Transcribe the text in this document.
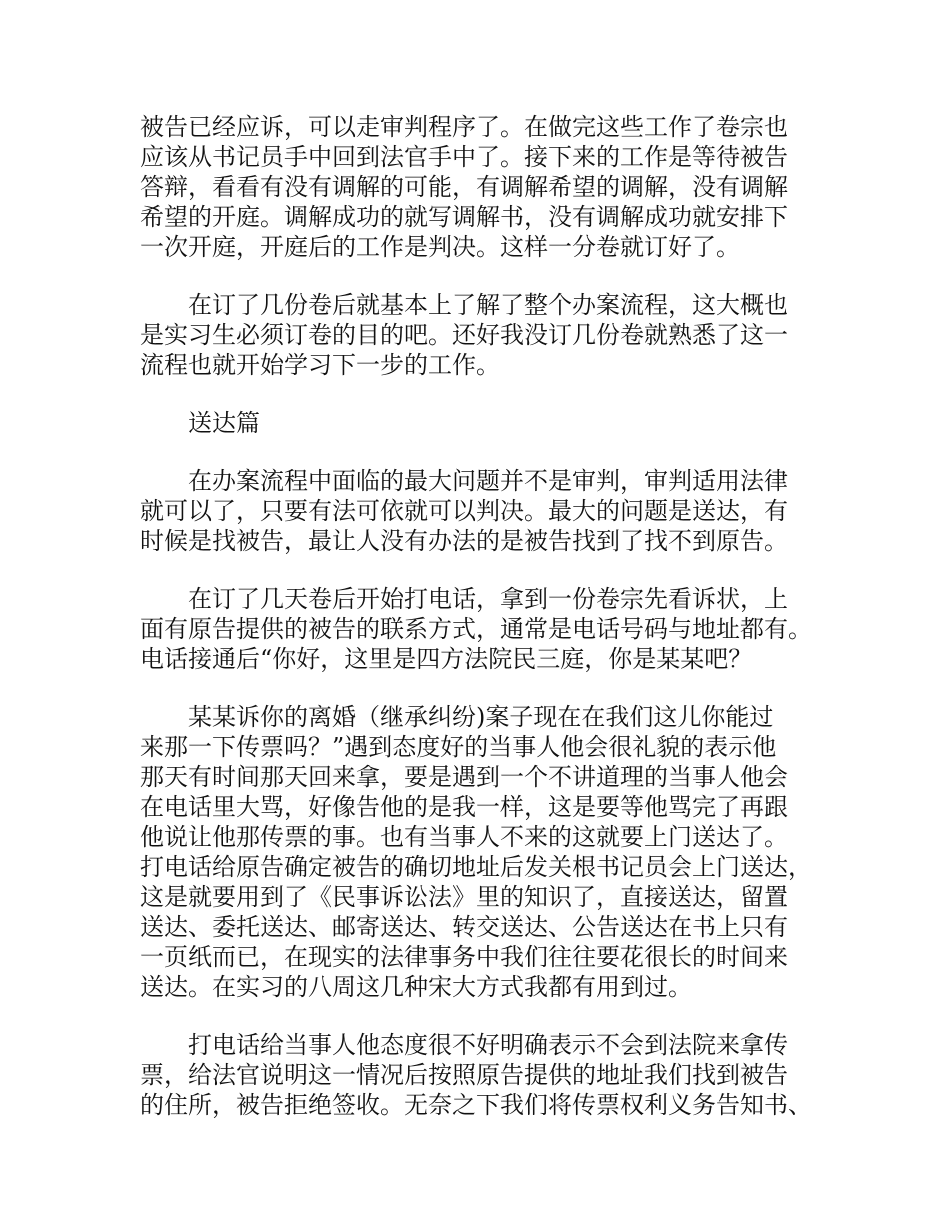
被告已经应诉，可以走审判程序了。在做完这些工作了卷宗也
应该从书记员手中回到法官手中了。接下来的工作是等待被告
答辩，看看有没有调解的可能，有调解希望的调解，没有调解
希望的开庭。调解成功的就写调解书，没有调解成功就安排下
一次开庭，开庭后的工作是判决。这样一分卷就订好了。
在订了几份卷后就基本上了解了整个办案流程，这大概也
是实习生必须订卷的目的吧。还好我没订几份卷就熟悉了这一
流程也就开始学习下一步的工作。
送达篇
在办案流程中面临的最大问题并不是审判，审判适用法律
就可以了，只要有法可依就可以判决。最大的问题是送达，有
时候是找被告，最让人没有办法的是被告找到了找不到原告。
在订了几天卷后开始打电话，拿到一份卷宗先看诉状，上
面有原告提供的被告的联系方式，通常是电话号码与地址都有。
电话接通后“你好，这里是四方法院民三庭，你是某某吧？
某某诉你的离婚（继承纠纷)案子现在在我们这儿你能过
来那一下传票吗？”遇到态度好的当事人他会很礼貌的表示他
那天有时间那天回来拿，要是遇到一个不讲道理的当事人他会
在电话里大骂，好像告他的是我一样，这是要等他骂完了再跟
他说让他那传票的事。也有当事人不来的这就要上门送达了。
打电话给原告确定被告的确切地址后发关根书记员会上门送达，
这是就要用到了《民事诉讼法》里的知识了，直接送达，留置
送达、委托送达、邮寄送达、转交送达、公告送达在书上只有
一页纸而已，在现实的法律事务中我们往往要花很长的时间来
送达。在实习的八周这几种宋大方式我都有用到过。
打电话给当事人他态度很不好明确表示不会到法院来拿传
票，给法官说明这一情况后按照原告提供的地址我们找到被告
的住所，被告拒绝签收。无奈之下我们将传票权利义务告知书、
